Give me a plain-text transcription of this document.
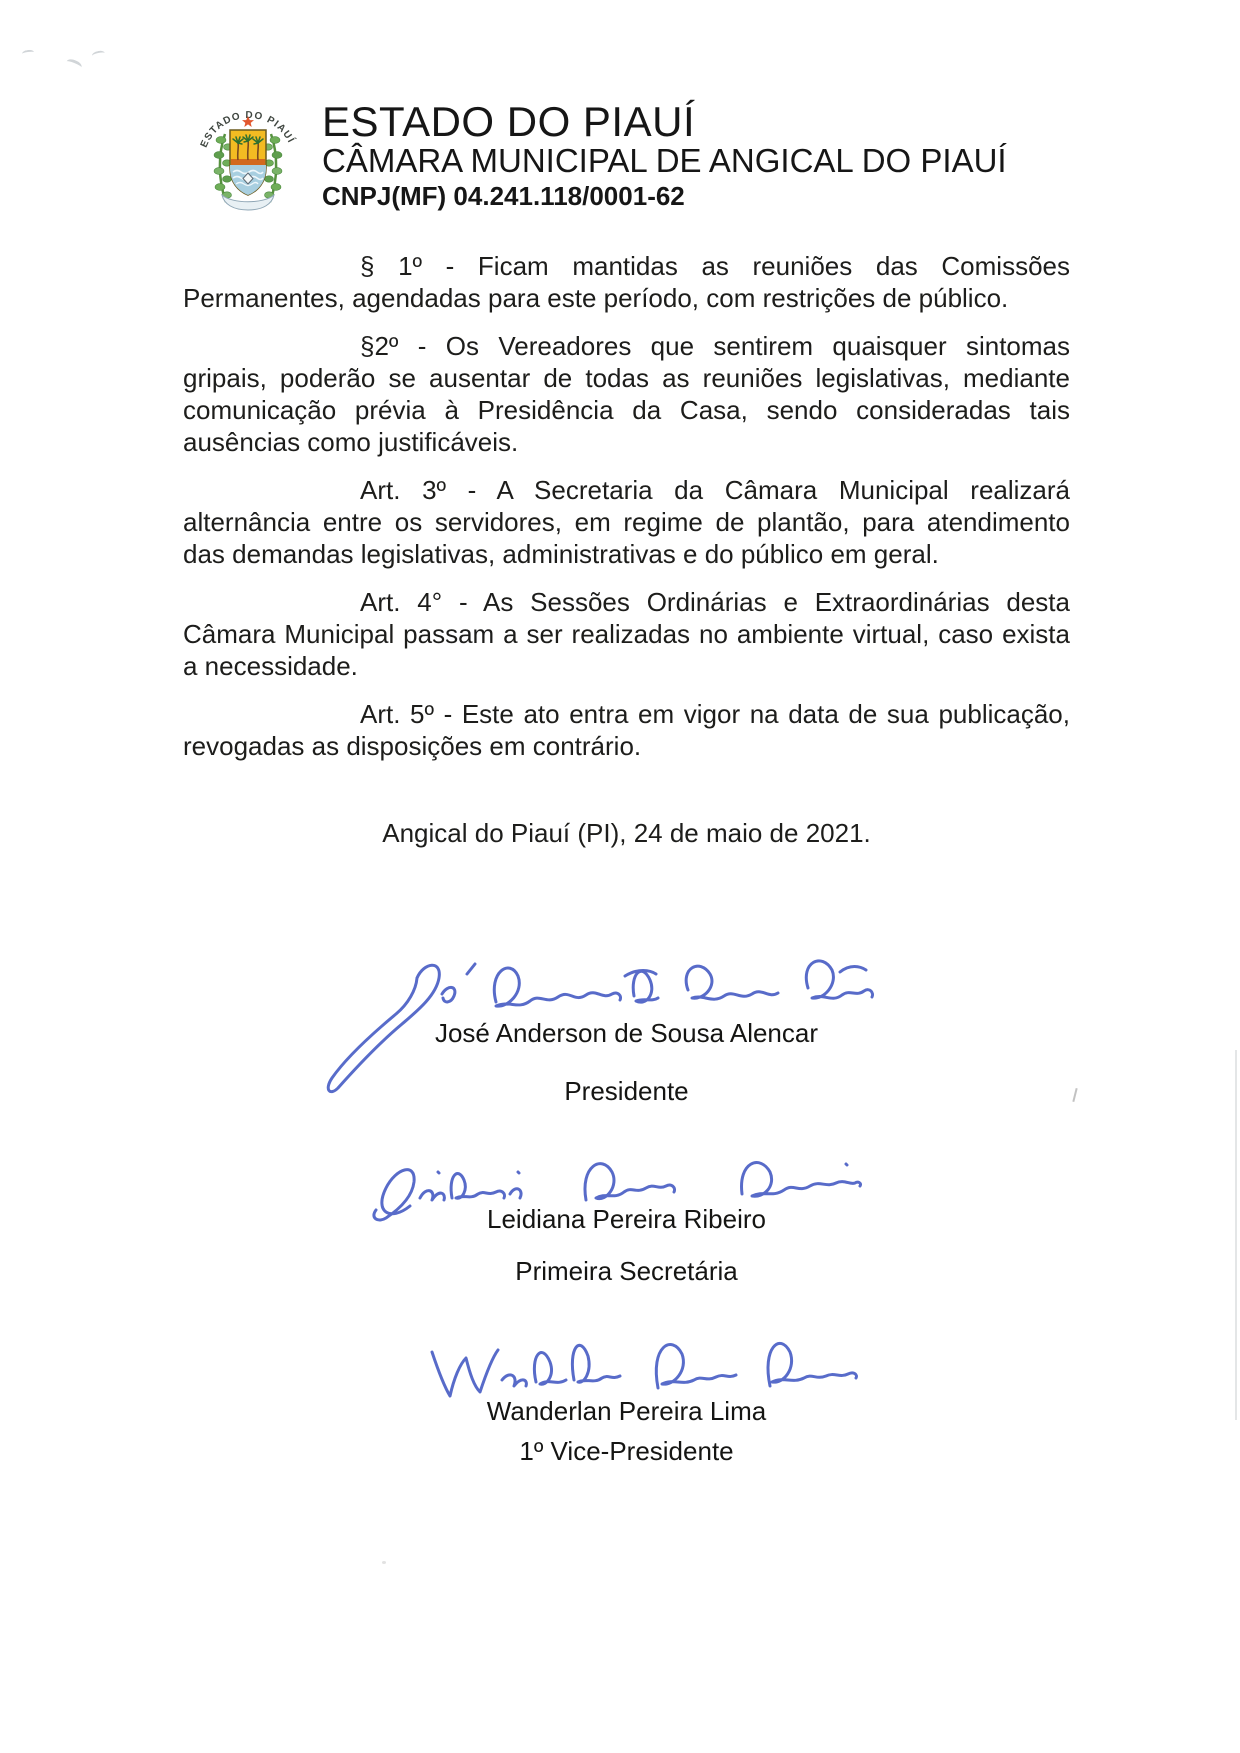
ESTADO DO PIAUÍ ESTADO DO PIAUÍ
CÂMARA MUNICIPAL DE ANGICAL DO PIAUÍ
CNPJ(MF) 04.241.118/0001-62

§ 1º - Ficam mantidas as reuniões das Comissões Permanentes, agendadas para este período, com restrições de público.

§2º - Os Vereadores que sentirem quaisquer sintomas gripais, poderão se ausentar de todas as reuniões legislativas, mediante comunicação prévia à Presidência da Casa, sendo consideradas tais ausências como justificáveis.

Art. 3º - A Secretaria da Câmara Municipal realizará alternância entre os servidores, em regime de plantão, para atendimento das demandas legislativas, administrativas e do público em geral.

Art. 4° - As Sessões Ordinárias e Extraordinárias desta Câmara Municipal passam a ser realizadas no ambiente virtual, caso exista a necessidade.

Art. 5º - Este ato entra em vigor na data de sua publicação, revogadas as disposições em contrário.

Angical do Piauí (PI), 24 de maio de 2021.
José Anderson de Sousa Alencar
Presidente
Leidiana Pereira Ribeiro
Primeira Secretária
Wanderlan Pereira Lima
1º Vice-Presidente
